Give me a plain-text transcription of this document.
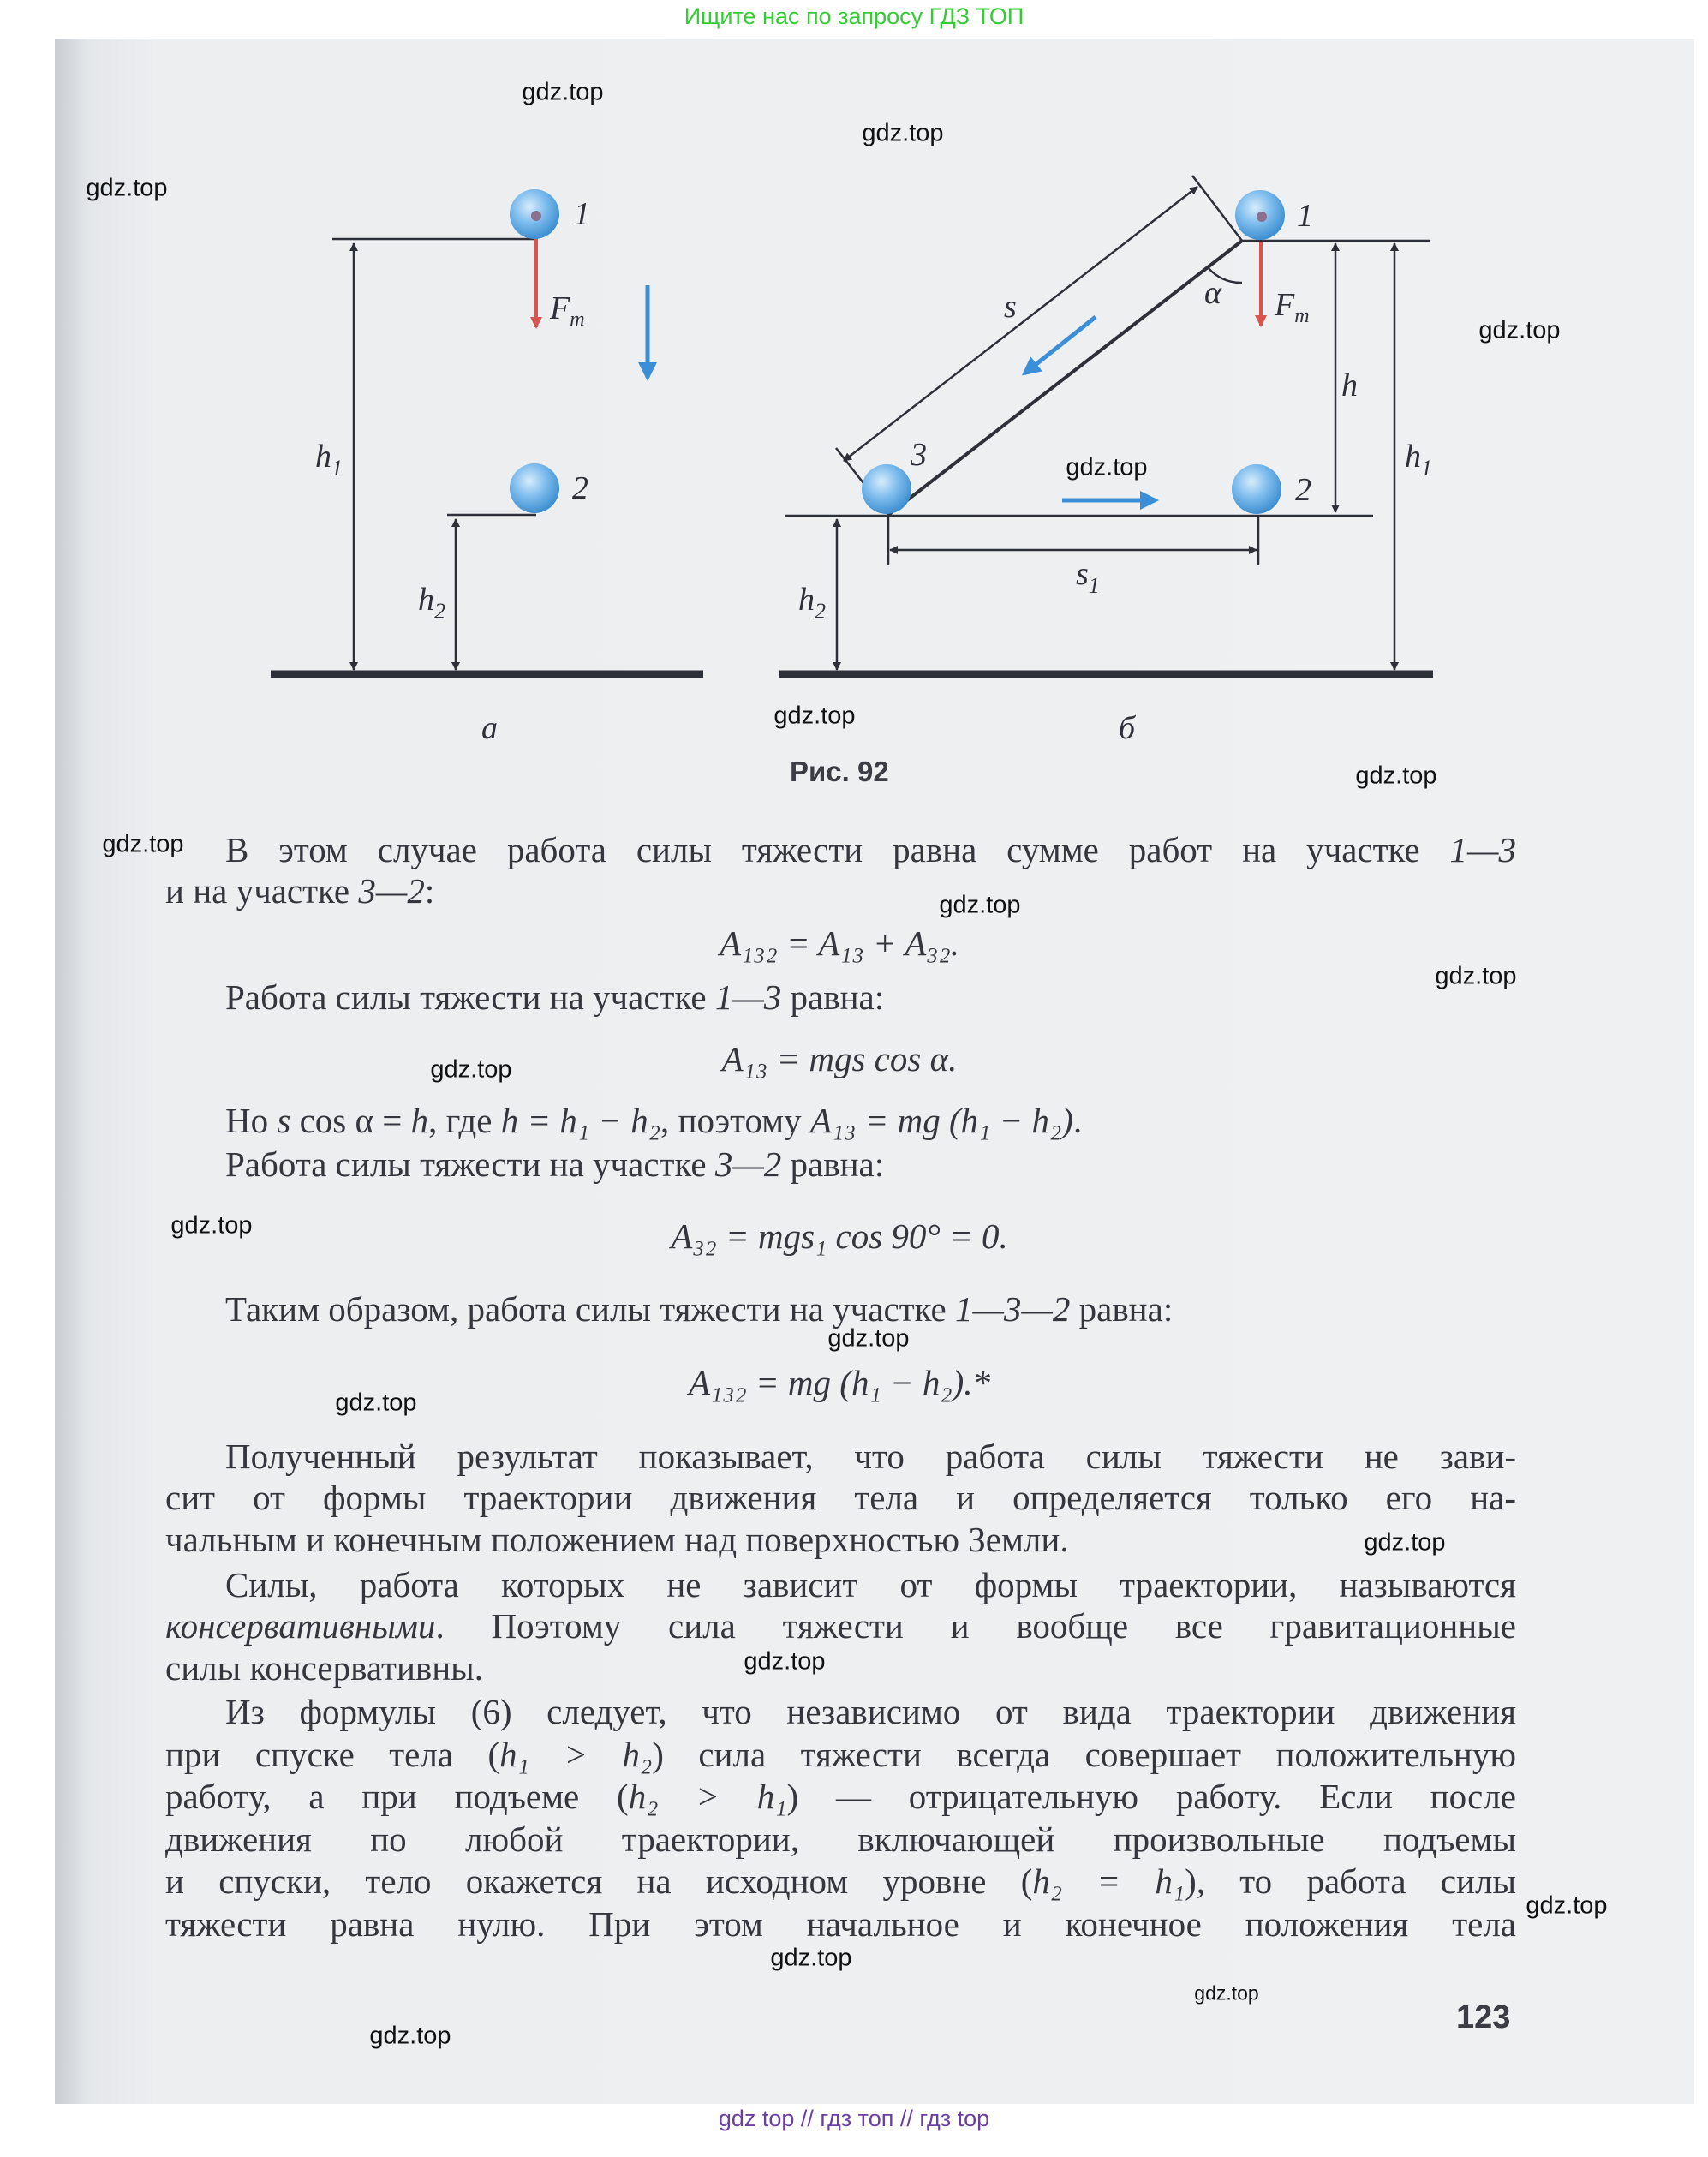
Ищите нас по запросу ГДЗ ТОП
1
2
$F_т$
$h_1$
$h_2$
а
1
2
3
s	α
h
$F_т$
$h_1$
$h_2$
$s_1$
б
Рис. 92
В этом случае работа силы тяжести равна сумме работ на участке 1—3
и на участке 3—2:
A₁₃₂ = A₁₃ + A₃₂.
Работа силы тяжести на участке 1—3 равна:
A₁₃ = mgs cos α.
Но s cos α = h, где h = h₁ − h₂, поэтому A₁₃ = mg (h₁ − h₂).
Работа силы тяжести на участке 3—2 равна:
A₃₂ = mgs₁ cos 90° = 0.
Таким образом, работа силы тяжести на участке 1—3—2 равна:
A₁₃₂ = mg (h₁ − h₂).*
Полученный результат показывает, что работа силы тяжести не зави-
сит от формы траектории движения тела и определяется только его на-
чальным и конечным положением над поверхностью Земли.
Силы, работа которых не зависит от формы траектории, называются
консервативными. Поэтому сила тяжести и вообще все гравитационные
силы консервативны.
Из формулы (6) следует, что независимо от вида траектории движения
при спуске тела (h₁ > h₂) сила тяжести всегда совершает положительную
работу, а при подъеме (h₂ > h₁) — отрицательную работу. Если после
движения по любой траектории, включающей произвольные подъемы
и спуски, тело окажется на исходном уровне (h₂ = h₁), то работа силы
тяжести равна нулю. При этом начальное и конечное положения тела
gdz.top
gdz.top
gdz.top
gdz.top
gdz.top
gdz.top
gdz.top
gdz.top
gdz.top
gdz.top
gdz.top
gdz.top
gdz.top
gdz.top
gdz.top
gdz.top
gdz.top
gdz.top
gdz.top
gdz.top
123
gdz top // гдз топ // гдз top
